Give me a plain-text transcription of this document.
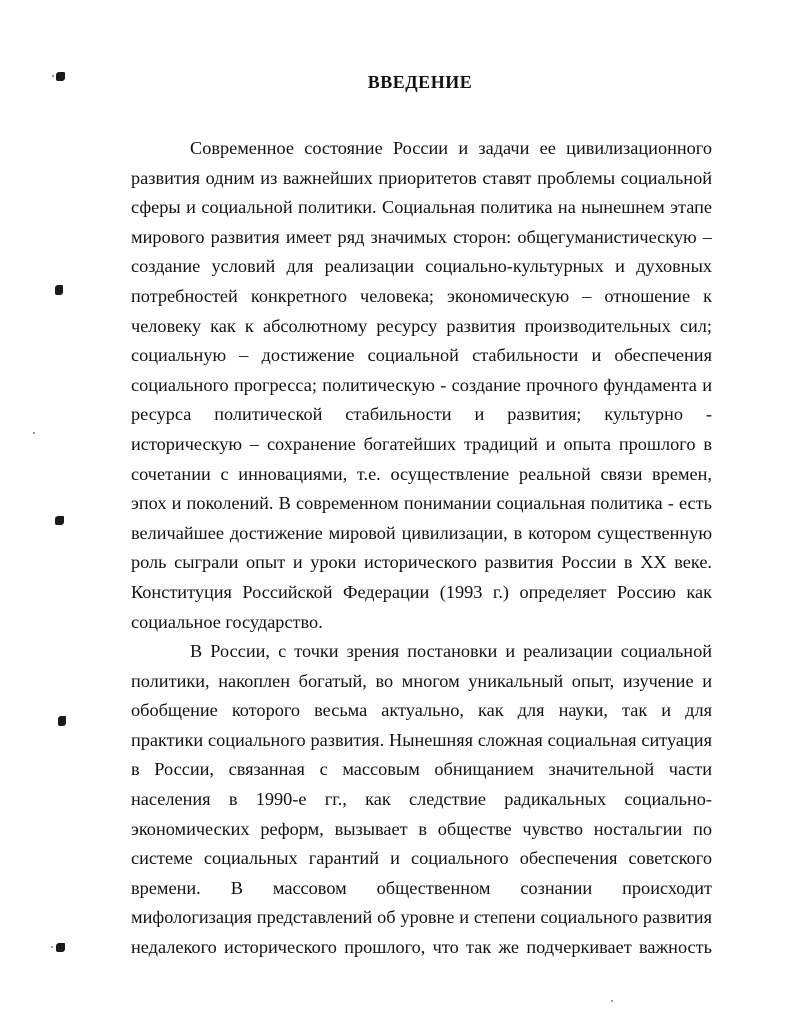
ВВЕДЕНИЕ
Современное состояние России и задачи ее цивилизационного
развития одним из важнейших приоритетов ставят проблемы социальной
сферы и социальной политики. Социальная политика на нынешнем этапе
мирового развития имеет ряд значимых сторон: общегуманистическую –
создание условий для реализации социально-культурных и духовных
потребностей конкретного человека; экономическую – отношение к
человеку как к абсолютному ресурсу развития производительных сил;
социальную – достижение социальной стабильности и обеспечения
социального прогресса; политическую - создание прочного фундамента и
ресурса политической стабильности и развития; культурно -
историческую – сохранение богатейших традиций и опыта прошлого в
сочетании с инновациями, т.е. осуществление реальной связи времен,
эпох и поколений. В современном понимании социальная политика - есть
величайшее достижение мировой цивилизации, в котором существенную
роль сыграли опыт и уроки исторического развития России в XX веке.
Конституция Российской Федерации (1993 г.) определяет Россию как
социальное государство.
В России, с точки зрения постановки и реализации социальной
политики, накоплен богатый, во многом уникальный опыт, изучение и
обобщение которого весьма актуально, как для науки, так и для
практики социального развития. Нынешняя сложная социальная ситуация
в России, связанная с массовым обнищанием значительной части
населения в 1990-е гг., как следствие радикальных социально-
экономических реформ, вызывает в обществе чувство ностальгии по
системе социальных гарантий и социального обеспечения советского
времени. В массовом общественном сознании происходит
мифологизация представлений об уровне и степени социального развития
недалекого исторического прошлого, что так же подчеркивает важность
